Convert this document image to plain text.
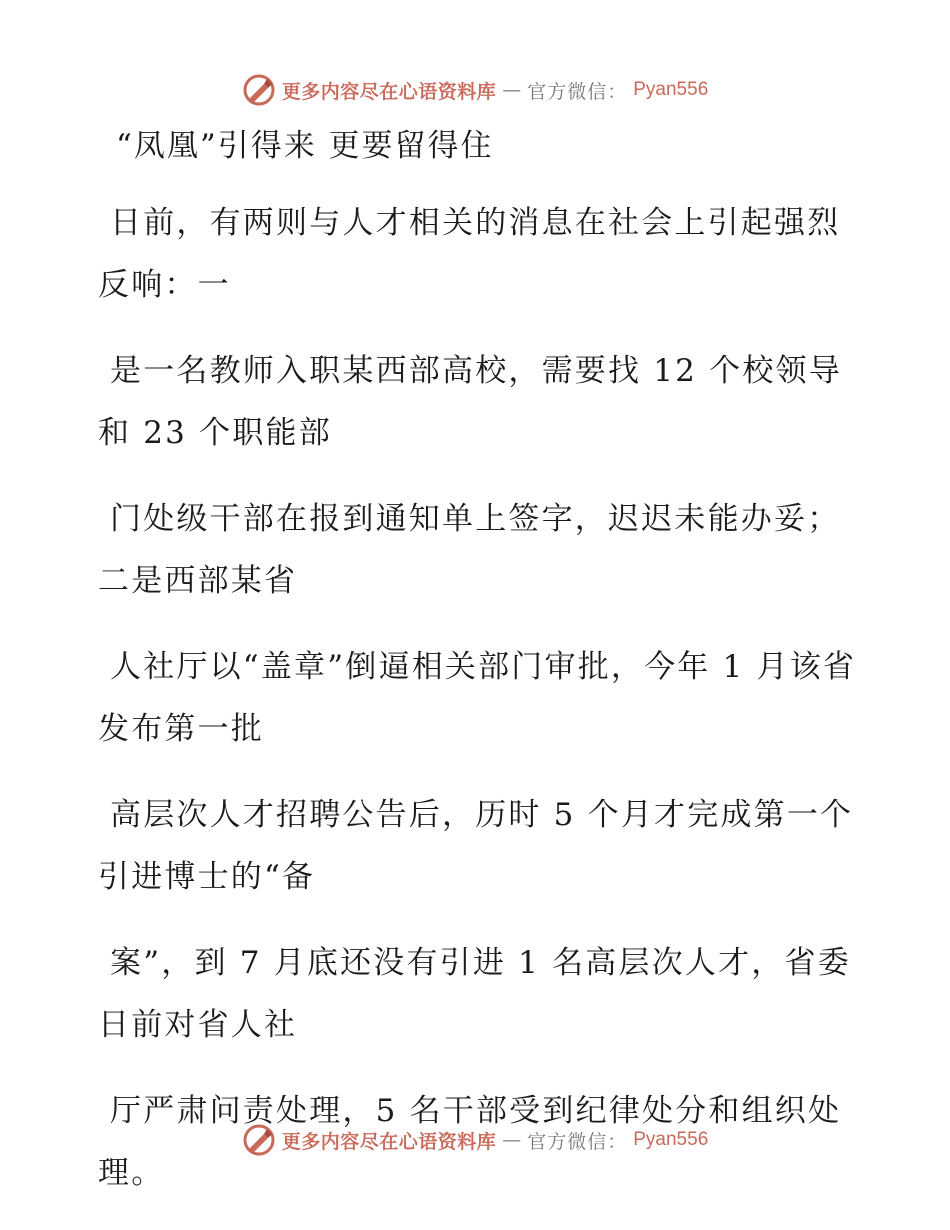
更多内容尽在心语资料库 — 官方微信： Pyan556
“凤凰”引得来 更要留得住

日前，有两则与人才相关的消息在社会上引起强烈反响：一

是一名教师入职某西部高校，需要找 12 个校领导和 23 个职能部

门处级干部在报到通知单上签字，迟迟未能办妥；二是西部某省

人社厅以“盖章”倒逼相关部门审批，今年 1 月该省发布第一批

高层次人才招聘公告后，历时 5 个月才完成第一个引进博士的“备

案”，到 7 月底还没有引进 1 名高层次人才，省委日前对省人社

厅严肃问责处理，5 名干部受到纪律处分和组织处理。

更多内容尽在心语资料库 — 官方微信： Pyan556
